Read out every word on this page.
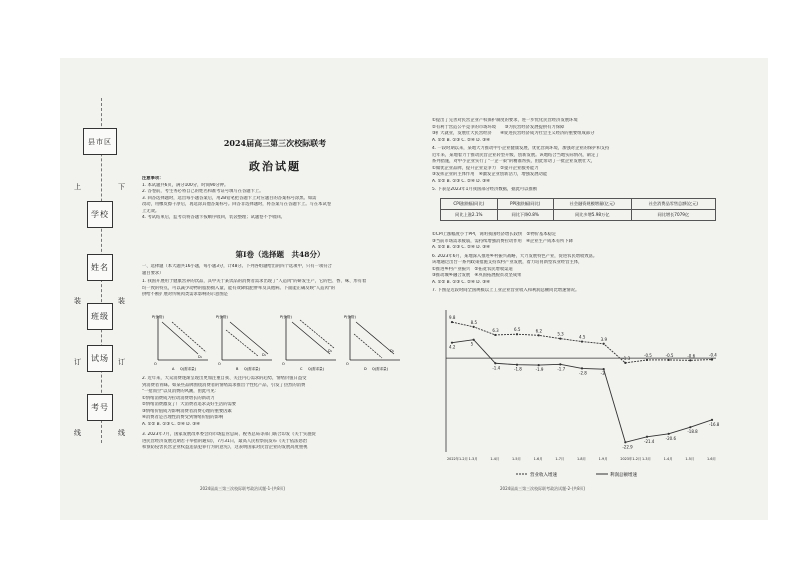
上
装
订
线
下
装
订
线
县市区
学校
姓名
班级
试场
考号
2024届高三第三次校际联考
政治试题

注意事项：

1. 本试题共6页，满分100分，时间90分钟。

2. 答卷前，考生务必将自己的姓名和准考证号填写在答题卡上。

3. 回答选择题时，选出每小题答案后，用2B铅笔把答题卡上对应题目的答案标号涂黑。如需

改动，用橡皮擦干净后，再选涂其他答案标号。回答非选择题时，将答案写在答题卡上。写在本试卷

上无效。

4. 考试结束后，监考员将答题卡按顺序收回，装袋整理；试题卷不予收回。

第Ⅰ卷（选择题　共48分）

一、选择题（本大题共16小题，每小题3分，计48分。下列各组题给出的四个选项中，只有一项符合

题目要求）

1. 我国开展用于健康营养的饮品，其中关于某饮品的消费者需求出现了"人造肉"的研发生产，它的色、香、味、形有着

均一致的特点，可以减少动物的脂肪摄入量，能有效降低肥胖率及其他病。下面能正确反映"人造肉"的

供给不断扩展对传统肉类需求影响的示意图是

P(价格)	P(价格)	P(价格)	P(价格)
D₁	D₁
D₂	D₂
O	O	O	O
A	B	C	D
Q(需求量)	Q(需求量)	Q(需求量)	Q(需求量)

2. 近年来，大众消费逐渐呈现出更加注重自我、关注内心需求的趋势，情绪价值日益受

到消费者青睐。如某些品牌围绕消费者的情绪需求推出个性化产品，引发了热烈的消费

"一抢而空"以及消费的风潮，由此可见：

①情绪消费成为拉动消费增长的新动力

②情绪消费激发了广大消费者追求美好生活的需要

③情绪价值成为影响消费者消费心理的重要因素

④消费者是否理性消费受到情绪价值的影响

A. ①② B. ①③ C. ②④ D. ③④

3. 2023年7月，国家发展改革委会同市场监管总局、税务总局等部门联合印发《关于实施促

进民营经济发展近期若干举措的通知》，7月31日，最高人民检察院发布《关于依法惩治

和预防侵害民营企业权益违法犯罪行为的意见》，这表明国家对民营企业的发展高度重视

2024届高三第三次校际联考政治试题-1-(共8页)

①提出了完善对民营企业产权保护制度的要求，进一步优化民营经济发展环境

②有利于营造公平竞争的市场环境　　③为民营经济发展提供有力保障

③扩大就业，发展壮大民营经济　　④促进民营经济成为社会主义经济的重要组成部分

A. ①② B. ①③ C. ②④ D. ③④

4. 一段时期以来，某地大力推动中小企业健康发展，优化营商环境，加强对企业的保护和支持

近年来，某地着力于推动民营企业转型升级、创新发展。该地结合当地实际情况，制定了

系列措施，对中小企业实行了"一企一策"的精准帮扶，由此带动了一批企业发展壮大，

①做优企业品牌，提升企业竞争力　②提升企业服务能力

③发挥企业的主体作用　④激发企业创新活力，增强发展动能

A. ①② B. ①③ C. ②④ D. ③④

5. 下表是2023年1月我国部分经济数据，据此可以推断

CPI涨跌幅(同比)	PPI涨跌幅(同比)	社会融资规模增量(亿元)	社会消费品零售总额(亿元)
同比上涨2.1%	同比下降0.8%	同比多增5.98万亿	同比增长7079亿

①CPI上涨幅度小于PPI，说明我国经济增长较快　②物价基本稳定

③当前市场需求疲弱，需持续增强消费拉动作用　④企业生产成本有所下降

A. ①② B. ①③ C. ②④ D. ③④

6. 2023年6月，某地深入推进乡村振兴战略，大力发展特色产业，促进农民增收致富。

该地通过出台一系列政策措施支持农村产业发展，着力培育新型农业经营主体，

①推进乡村产业振兴　②拓宽农民增收渠道

③推动城乡融合发展　④巩固拓展脱贫攻坚成果

A. ①② B. ①③ C. ②④ D. ③④

7. 下图是近段时间全国规模以上工业企业营业收入和利润总额同比增速情况。

9.8
8.5
6.3	6.5	6.2
5.3
4.5	3.9
-1.3
-0.5	-0.5	-0.6	-0.4
4.2
5
-1.4	-1.8	-1.9	-1.7
-2.8	-3
-22.9
-21.4
-20.6
-18.8
-16.8
2022年1-2月 1-3月	1-4月	1-5月	1-6月	1-7月	1-8月	1-9月	2023年1-2月 1-3月	1-4月	1-5月	1-6月
营业收入增速	利润总额增速
2024届高三第三次校际联考政治试题-2-(共8页)
